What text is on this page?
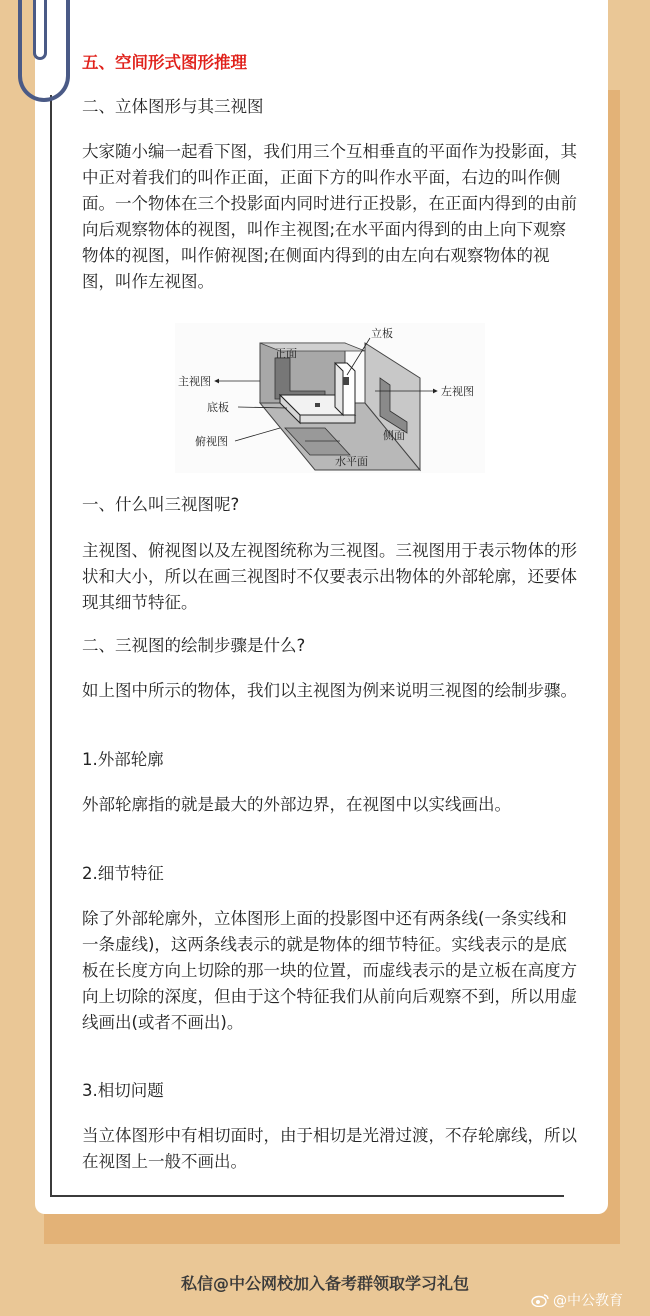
五、空间形式图形推理
二、立体图形与其三视图
大家随小编一起看下图，我们用三个互相垂直的平面作为投影面，其中正对着我们的叫作正面，正面下方的叫作水平面，右边的叫作侧面。一个物体在三个投影面内同时进行正投影，在正面内得到的由前向后观察物体的视图，叫作主视图;在水平面内得到的由上向下观察物体的视图，叫作俯视图;在侧面内得到的由左向右观察物体的视图，叫作左视图。
正面
立板
主视图
左视图
底板
侧面
俯视图
水平面
一、什么叫三视图呢?
主视图、俯视图以及左视图统称为三视图。三视图用于表示物体的形状和大小，所以在画三视图时不仅要表示出物体的外部轮廓，还要体现其细节特征。
二、三视图的绘制步骤是什么?
如上图中所示的物体，我们以主视图为例来说明三视图的绘制步骤。
1.外部轮廓
外部轮廓指的就是最大的外部边界，在视图中以实线画出。
2.细节特征
除了外部轮廓外，立体图形上面的投影图中还有两条线(一条实线和一条虚线)，这两条线表示的就是物体的细节特征。实线表示的是底板在长度方向上切除的那一块的位置，而虚线表示的是立板在高度方向上切除的深度，但由于这个特征我们从前向后观察不到，所以用虚线画出(或者不画出)。
3.相切问题
当立体图形中有相切面时，由于相切是光滑过渡，不存轮廓线，所以在视图上一般不画出。
私信@中公网校加入备考群领取学习礼包
@中公教育
